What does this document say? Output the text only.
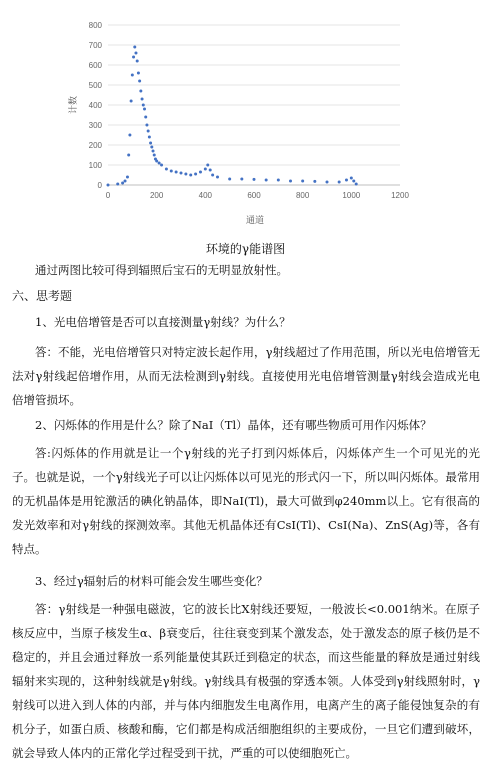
0
100
200
300
400
500
600
700
800
0	200	400	600	800	1000	1200
计数
通道
环境的γ能谱图

通过两图比较可得到辐照后宝石的无明显放射性。

六、思考题

1、光电倍增管是否可以直接测量γ射线？为什么？

答：不能，光电倍增管只对特定波长起作用，γ射线超过了作用范围，所以光电倍增管无法对γ射线起倍增作用，从而无法检测到γ射线。直接使用光电倍增管测量γ射线会造成光电倍增管损坏。

2、闪烁体的作用是什么？除了NaI（Tl）晶体，还有哪些物质可用作闪烁体？

答:闪烁体的作用就是让一个γ射线的光子打到闪烁体后，闪烁体产生一个可见光的光子。也就是说，一个γ射线光子可以让闪烁体以可见光的形式闪一下，所以叫闪烁体。最常用的无机晶体是用铊激活的碘化钠晶体，即NaI(Tl)，最大可做到φ240mm以上。它有很高的发光效率和对γ射线的探测效率。其他无机晶体还有CsI(Tl)、CsI(Na)、ZnS(Ag)等，各有特点。

3、经过γ辐射后的材料可能会发生哪些变化？

答：γ射线是一种强电磁波，它的波长比X射线还要短，一般波长<0.001纳米。在原子核反应中，当原子核发生α、β衰变后，往往衰变到某个激发态，处于激发态的原子核仍是不稳定的，并且会通过释放一系列能量使其跃迁到稳定的状态，而这些能量的释放是通过射线辐射来实现的，这种射线就是γ射线。γ射线具有极强的穿透本领。人体受到γ射线照射时，γ射线可以进入到人体的内部，并与体内细胞发生电离作用，电离产生的离子能侵蚀复杂的有机分子，如蛋白质、核酸和酶，它们都是构成活细胞组织的主要成份，一旦它们遭到破坏，就会导致人体内的正常化学过程受到干扰，严重的可以使细胞死亡。
